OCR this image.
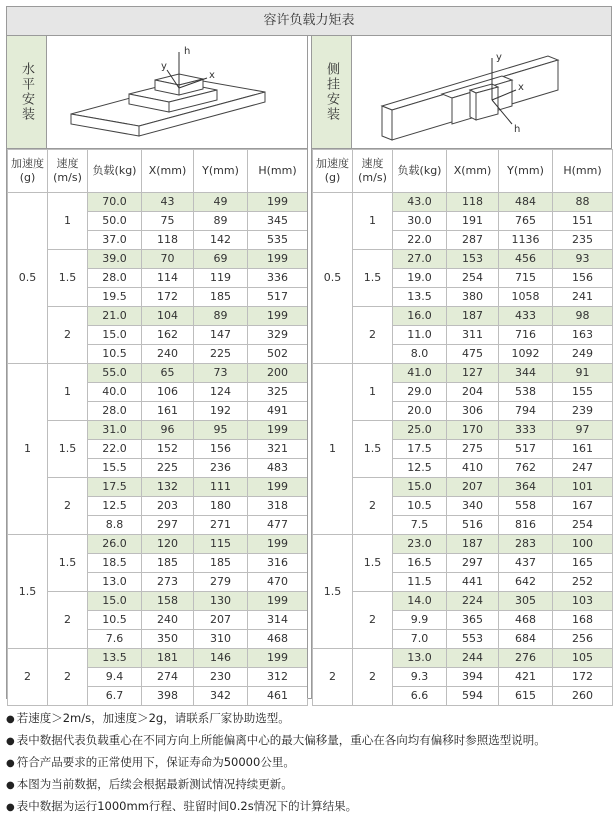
容许负载力矩表
水平安装
h
x
y
加速度(g)	速度(m/s)	负载(kg)	X(mm)	Y(mm)	H(mm)
0.5	1	70.0	43	49	199
		50.0	75	89	345
		37.0	118	142	535
	1.5	39.0	70	69	199
		28.0	114	119	336
		19.5	172	185	517
	2	21.0	104	89	199
		15.0	162	147	329
		10.5	240	225	502
1	1	55.0	65	73	200
		40.0	106	124	325
		28.0	161	192	491
	1.5	31.0	96	95	199
		22.0	152	156	321
		15.5	225	236	483
	2	17.5	132	111	199
		12.5	203	180	318
		8.8	297	271	477
1.5	1.5	26.0	120	115	199
		18.5	185	185	316
		13.0	273	279	470
	2	15.0	158	130	199
		10.5	240	207	314
		7.6	350	310	468
2	2	13.5	181	146	199
		9.4	274	230	312
		6.7	398	342	461
侧挂安装
y
x
h
加速度(g)	速度(m/s)	负载(kg)	X(mm)	Y(mm)	H(mm)
0.5	1	43.0	118	484	88
		30.0	191	765	151
		22.0	287	1136	235
	1.5	27.0	153	456	93
		19.0	254	715	156
		13.5	380	1058	241
	2	16.0	187	433	98
		11.0	311	716	163
		8.0	475	1092	249
1	1	41.0	127	344	91
		29.0	204	538	155
		20.0	306	794	239
	1.5	25.0	170	333	97
		17.5	275	517	161
		12.5	410	762	247
	2	15.0	207	364	101
		10.5	340	558	167
		7.5	516	816	254
1.5	1.5	23.0	187	283	100
		16.5	297	437	165
		11.5	441	642	252
	2	14.0	224	305	103
		9.9	365	468	168
		7.0	553	684	256
2	2	13.0	244	276	105
		9.3	394	421	172
		6.6	594	615	260
● 若速度＞2m/s，加速度＞2g，请联系厂家协助选型。
● 表中数据代表负载重心在不同方向上所能偏离中心的最大偏移量，重心在各向均有偏移时参照选型说明。
● 符合产品要求的正常使用下，保证寿命为50000公里。
● 本图为当前数据，后续会根据最新测试情况持续更新。
● 表中数据为运行1000mm行程、驻留时间0.2s情况下的计算结果。
